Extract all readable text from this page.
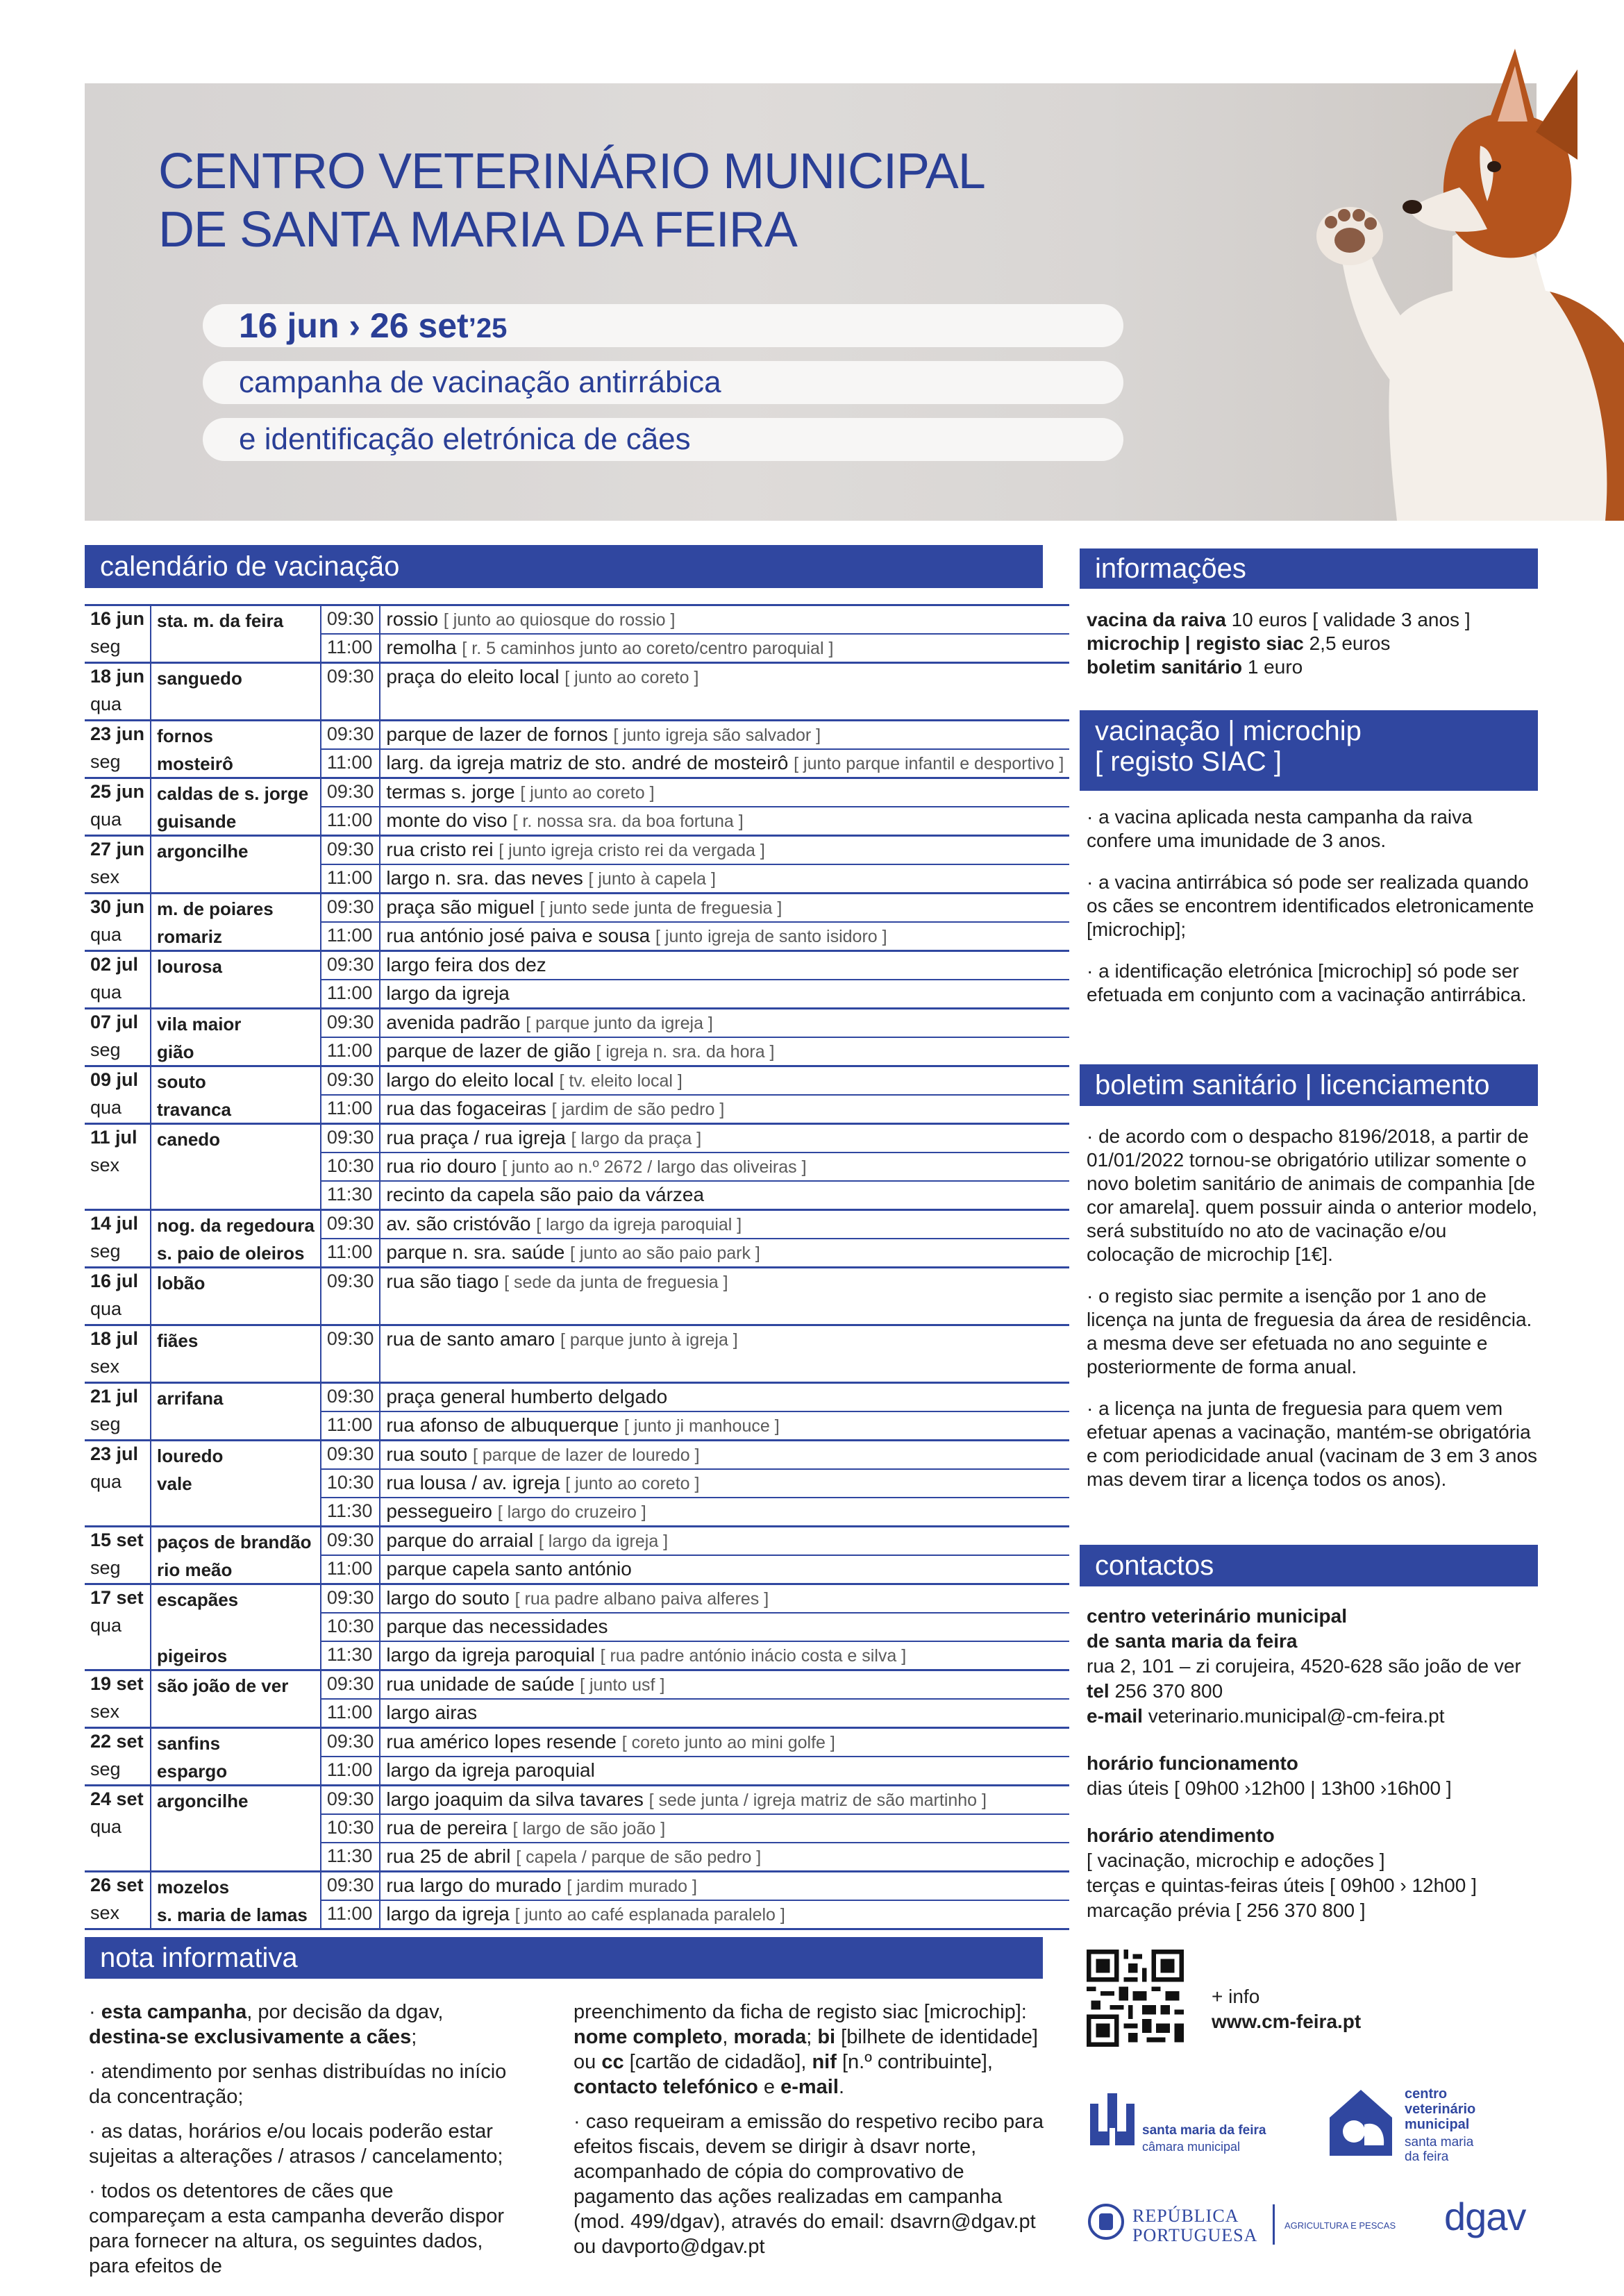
CENTRO VETERINÁRIO MUNICIPAL
DE SANTA MARIA DA FEIRA
16 jun › 26 set’25
campanha de vacinação antirrábica
e identificação eletrónica de cães
calendário de vacinação
16 jun	sta. m. da feira	09:30	rossio [ junto ao quiosque do rossio ]
seg		11:00	remolha [ r. 5 caminhos junto ao coreto/centro paroquial ]
18 jun	sanguedo	09:30	praça do eleito local [ junto ao coreto ]
qua			
23 jun	fornos	09:30	parque de lazer de fornos [ junto igreja são salvador ]
seg	mosteirô	11:00	larg. da igreja matriz de sto. andré de mosteirô [ junto parque infantil e desportivo ]
25 jun	caldas de s. jorge	09:30	termas s. jorge [ junto ao coreto ]
qua	guisande	11:00	monte do viso [ r. nossa sra. da boa fortuna ]
27 jun	argoncilhe	09:30	rua cristo rei [ junto igreja cristo rei da vergada ]
sex		11:00	largo n. sra. das neves [ junto à capela ]
30 jun	m. de poiares	09:30	praça são miguel [ junto sede junta de freguesia ]
qua	romariz	11:00	rua antónio josé paiva e sousa [ junto igreja de santo isidoro ]
02 jul	lourosa	09:30	largo feira dos dez
qua		11:00	largo da igreja
07 jul	vila maior	09:30	avenida padrão [ parque junto da igreja ]
seg	gião	11:00	parque de lazer de gião [ igreja n. sra. da hora ]
09 jul	souto	09:30	largo do eleito local [ tv. eleito local ]
qua	travanca	11:00	rua das fogaceiras [ jardim de são pedro ]
11 jul	canedo	09:30	rua praça / rua igreja [ largo da praça ]
sex		10:30	rua rio douro [ junto ao n.º 2672 / largo das oliveiras ]
		11:30	recinto da capela são paio da várzea
14 jul	nog. da regedoura	09:30	av. são cristóvão [ largo da igreja paroquial ]
seg	s. paio de oleiros	11:00	parque n. sra. saúde [ junto ao são paio park ]
16 jul	lobão	09:30	rua são tiago [ sede da junta de freguesia ]
qua			
18 jul	fiães	09:30	rua de santo amaro [ parque junto à igreja ]
sex			
21 jul	arrifana	09:30	praça general humberto delgado
seg		11:00	rua afonso de albuquerque [ junto ji manhouce ]
23 jul	louredo	09:30	rua souto [ parque de lazer de louredo ]
qua	vale	10:30	rua lousa / av. igreja [ junto ao coreto ]
		11:30	pessegueiro [ largo do cruzeiro ]
15 set	paços de brandão	09:30	parque do arraial [ largo da igreja ]
seg	rio meão	11:00	parque capela santo antónio
17 set	escapães	09:30	largo do souto [ rua padre albano paiva alferes ]
qua		10:30	parque das necessidades
	pigeiros	11:30	largo da igreja paroquial [ rua padre antónio inácio costa e silva ]
19 set	são joão de ver	09:30	rua unidade de saúde [ junto usf ]
sex		11:00	largo airas
22 set	sanfins	09:30	rua américo lopes resende [ coreto junto ao mini golfe ]
seg	espargo	11:00	largo da igreja paroquial
24 set	argoncilhe	09:30	largo joaquim da silva tavares [ sede junta / igreja matriz de são martinho ]
qua		10:30	rua de pereira [ largo de são joão ]
		11:30	rua 25 de abril [ capela / parque de são pedro ]
26 set	mozelos	09:30	rua largo do murado [ jardim murado ]
sex	s. maria de lamas	11:00	largo da igreja [ junto ao café esplanada paralelo ]
informações

vacina da raiva 10 euros [ validade 3 anos ]

microchip | registo siac 2,5 euros

boletim sanitário 1 euro

vacinação | microchip
[ registo SIAC ]

· a vacina aplicada nesta campanha da raiva confere uma imunidade de 3 anos.

· a vacina antirrábica só pode ser realizada quando os cães se encontrem identificados eletronicamente [microchip];

· a identificação eletrónica [microchip] só pode ser efetuada em conjunto com a vacinação antirrábica.

boletim sanitário | licenciamento

· de acordo com o despacho 8196/2018, a partir de 01/01/2022 tornou-se obrigatório utilizar somente o novo boletim sanitário de animais de companhia [de cor amarela]. quem possuir ainda o anterior modelo, será substituído no ato de vacinação e/ou colocação de microchip [1€].

· o registo siac permite a isenção por 1 ano de licença na junta de freguesia da área de residência. a mesma deve ser efetuada no ano seguinte e posteriormente de forma anual.

· a licença na junta de freguesia para quem vem efetuar apenas a vacinação, mantém-se obrigatória e com periodicidade anual (vacinam de 3 em 3 anos mas devem tirar a licença todos os anos).

contactos

centro veterinário municipal

de santa maria da feira

rua 2, 101 – zi corujeira, 4520-628 são joão de ver

tel 256 370 800

e-mail veterinario.municipal@-cm-feira.pt

horário funcionamento

dias úteis [ 09h00 ›12h00 | 13h00 ›16h00 ]

horário atendimento

[ vacinação, microchip e adoções ]

terças e quintas-feiras úteis [ 09h00 › 12h00 ]

marcação prévia [ 256 370 800 ]

+ info
www.cm-feira.pt
nota informativa

· esta campanha, por decisão da dgav, destina-se exclusivamente a cães;

· atendimento por senhas distribuídas no início da concentração;

· as datas, horários e/ou locais poderão estar sujeitas a alterações / atrasos / cancelamento;

· todos os detentores de cães que compareçam a esta campanha deverão dispor para fornecer na altura, os seguintes dados, para efeitos de

preenchimento da ficha de registo siac [microchip]: nome completo, morada; bi [bilhete de identidade] ou cc [cartão de cidadão], nif [n.º contribuinte], contacto telefónico e e-mail.

· caso requeiram a emissão do respetivo recibo para efeitos fiscais, devem se dirigir à dsavr norte, acompanhado de cópia do comprovativo de pagamento das ações realizadas em campanha (mod. 499/dgav), através do email: dsavrn@dgav.pt ou davporto@dgav.pt

santa maria da feira
câmara municipal
centro
veterinário
municipal
santa maria
da feira
REPÚBLICA
PORTUGUESA	AGRICULTURA E PESCAS dgav
